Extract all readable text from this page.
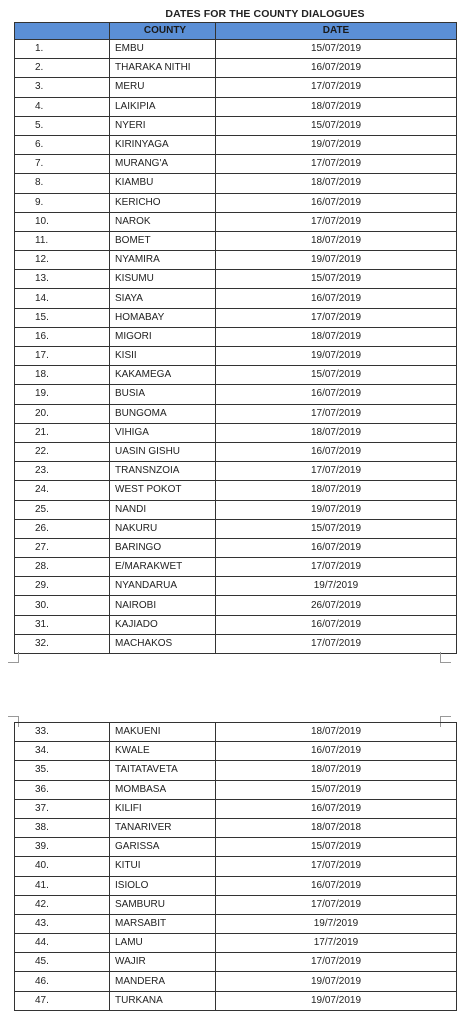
DATES FOR THE COUNTY DIALOGUES
	COUNTY	DATE
1.	EMBU	15/07/2019
2.	THARAKA NITHI	16/07/2019
3.	MERU	17/07/2019
4.	LAIKIPIA	18/07/2019
5.	NYERI	15/07/2019
6.	KIRINYAGA	19/07/2019
7.	MURANG'A	17/07/2019
8.	KIAMBU	18/07/2019
9.	KERICHO	16/07/2019
10.	NAROK	17/07/2019
11.	BOMET	18/07/2019
12.	NYAMIRA	19/07/2019
13.	KISUMU	15/07/2019
14.	SIAYA	16/07/2019
15.	HOMABAY	17/07/2019
16.	MIGORI	18/07/2019
17.	KISII	19/07/2019
18.	KAKAMEGA	15/07/2019
19.	BUSIA	16/07/2019
20.	BUNGOMA	17/07/2019
21.	VIHIGA	18/07/2019
22.	UASIN GISHU	16/07/2019
23.	TRANSNZOIA	17/07/2019
24.	WEST POKOT	18/07/2019
25.	NANDI	19/07/2019
26.	NAKURU	15/07/2019
27.	BARINGO	16/07/2019
28.	E/MARAKWET	17/07/2019
29.	NYANDARUA	19/7/2019
30.	NAIROBI	26/07/2019
31.	KAJIADO	16/07/2019
32.	MACHAKOS	17/07/2019
33.	MAKUENI	18/07/2019
34.	KWALE	16/07/2019
35.	TAITATAVETA	18/07/2019
36.	MOMBASA	15/07/2019
37.	KILIFI	16/07/2019
38.	TANARIVER	18/07/2018
39.	GARISSA	15/07/2019
40.	KITUI	17/07/2019
41.	ISIOLO	16/07/2019
42.	SAMBURU	17/07/2019
43.	MARSABIT	19/7/2019
44.	LAMU	17/7/2019
45.	WAJIR	17/07/2019
46.	MANDERA	19/07/2019
47.	TURKANA	19/07/2019
